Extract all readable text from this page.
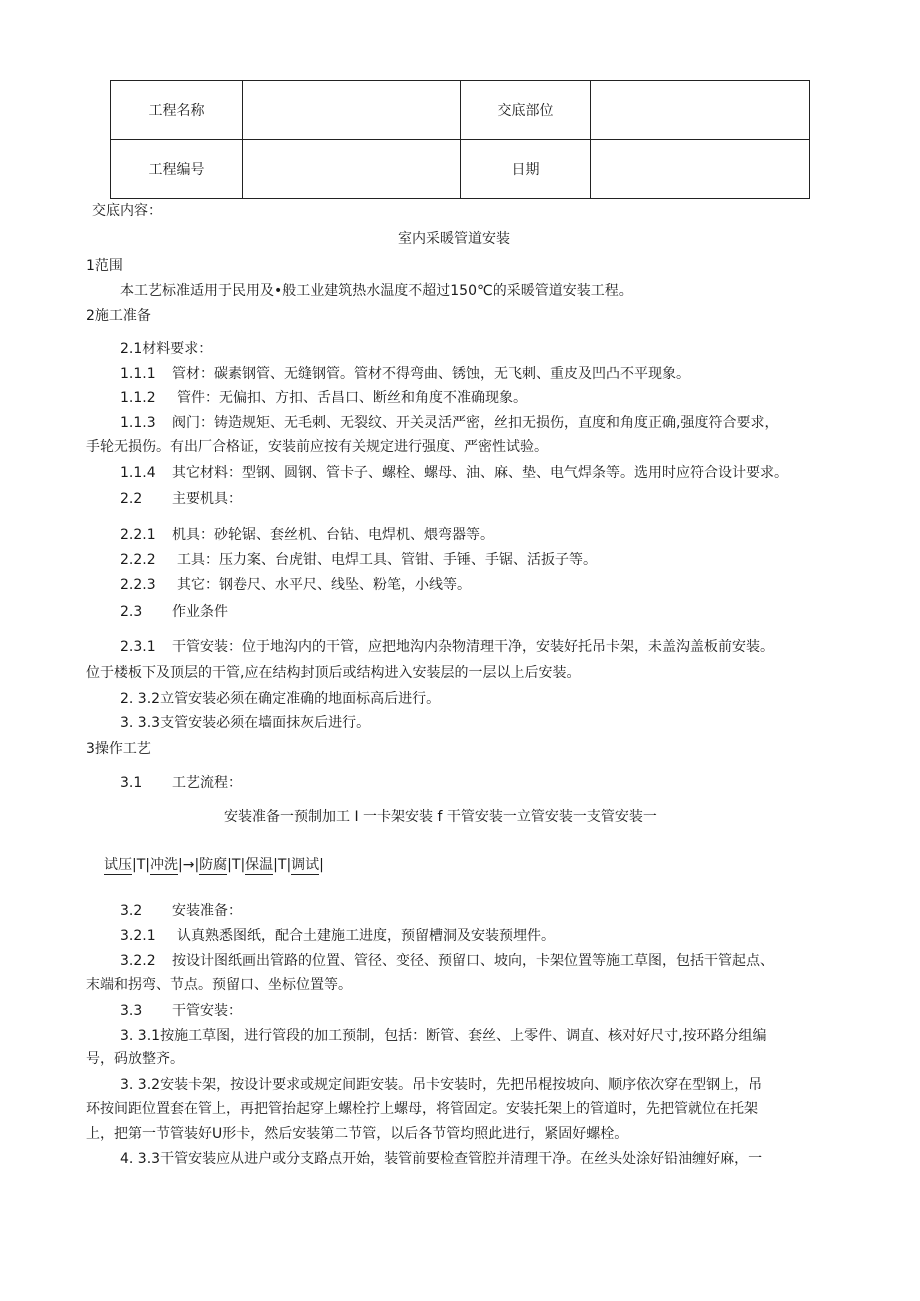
工程名称		交底部位	
工程编号		日期	
交底内容：
室内采暖管道安装
1范围
本工艺标准适用于民用及•般工业建筑热水温度不超过150℃的采暖管道安装工程。
2施工准备
2.1材料要求：
1.1.1 管材：碳素钢管、无缝钢管。管材不得弯曲、锈蚀，无飞刺、重皮及凹凸不平现象。
1.1.2 管件：无偏扣、方扣、舌昌口、断丝和角度不准确现象。
1.1.3 阀门：铸造规矩、无毛刺、无裂纹、开关灵活严密，丝扣无损伤，直度和角度正确,强度符合要求，
手轮无损伤。有出厂合格证，安装前应按有关规定进行强度、严密性试验。
1.1.4 其它材料：型钢、圆钢、管卡子、螺栓、螺母、油、麻、垫、电气焊条等。选用时应符合设计要求。
2.2 主要机具：
2.2.1 机具：砂轮锯、套丝机、台钻、电焊机、煨弯器等。
2.2.2 工具：压力案、台虎钳、电焊工具、管钳、手锤、手锯、活扳子等。
2.2.3 其它：钢卷尺、水平尺、线坠、粉笔，小线等。
2.3 作业条件
2.3.1 干管安装：位于地沟内的干管，应把地沟内杂物清理干净，安装好托吊卡架，未盖沟盖板前安装。
位于楼板下及顶层的干管,应在结构封顶后或结构进入安装层的一层以上后安装。
2. 3.2立管安装必须在确定准确的地面标高后进行。
3. 3.3支管安装必须在墙面抹灰后进行。
3操作工艺
3.1 工艺流程：
安装准备一预制加工 I 一卡架安装 f 干管安装一立管安装一支管安装一
试压|T|冲洗|→|防腐|T|保温|T|调试|
3.2 安装准备：
3.2.1 认真熟悉图纸，配合土建施工进度，预留槽洞及安装预埋件。
3.2.2 按设计图纸画出管路的位置、管径、变径、预留口、坡向，卡架位置等施工草图，包括干管起点、
末端和拐弯、节点。预留口、坐标位置等。
3.3 干管安装：
3. 3.1按施工草图，进行管段的加工预制，包括：断管、套丝、上零件、调直、核对好尺寸,按环路分组编
号，码放整齐。
3. 3.2安装卡架，按设计要求或规定间距安装。吊卡安装时，先把吊棍按坡向、顺序依次穿在型钢上，吊
环按间距位置套在管上，再把管抬起穿上螺栓拧上螺母，将管固定。安装托架上的管道时，先把管就位在托架
上，把第一节管装好U形卡，然后安装第二节管，以后各节管均照此进行，紧固好螺栓。
4. 3.3干管安装应从进户或分支路点开始，装管前要检查管腔并清理干净。在丝头处涂好铅油缠好麻，一
